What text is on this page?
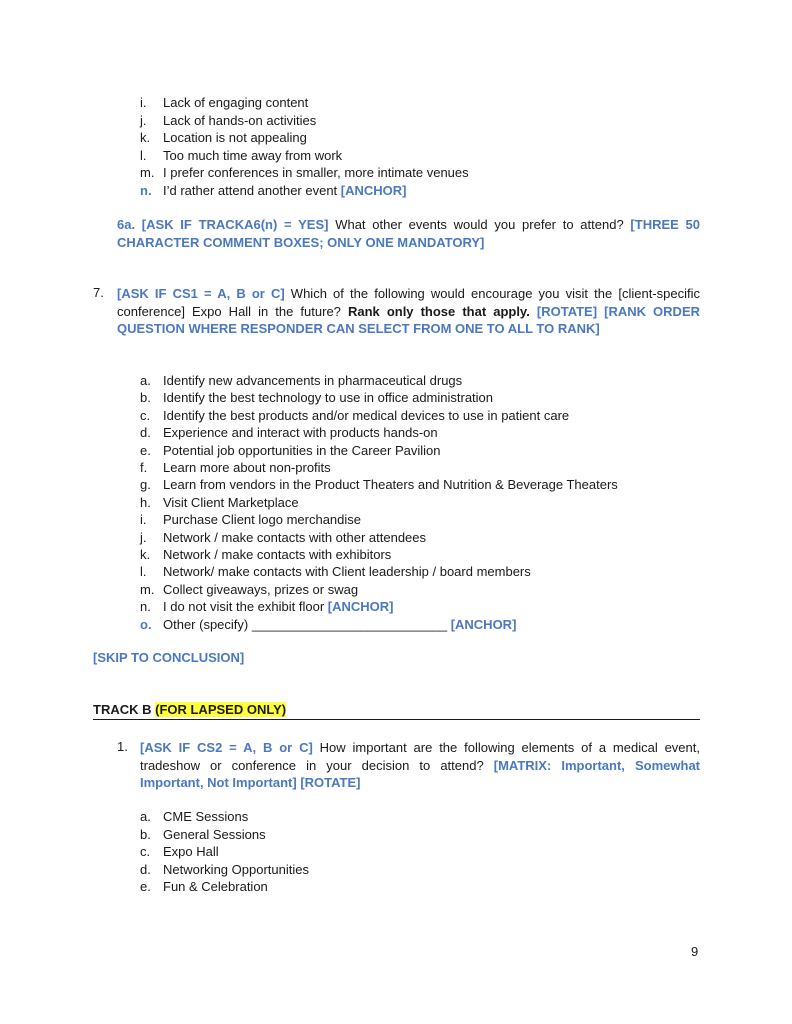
i.	Lack of engaging content
j.	Lack of hands-on activities
k. Location is not appealing
l.	Too much time away from work
m. I prefer conferences in smaller, more intimate venues
n. I’d rather attend another event [ANCHOR]
6a. [ASK IF TRACKA6(n) = YES] What other events would you prefer to attend? [THREE 50
CHARACTER COMMENT BOXES; ONLY ONE MANDATORY]
7. [ASK IF CS1 = A, B or C] Which of the following would encourage you visit the [client-specific
conference] Expo Hall in the future? Rank only those that apply. [ROTATE] [RANK ORDER
QUESTION WHERE RESPONDER CAN SELECT FROM ONE TO ALL TO RANK]
a. Identify new advancements in pharmaceutical drugs
b. Identify the best technology to use in office administration
c. Identify the best products and/or medical devices to use in patient care
d. Experience and interact with products hands-on
e. Potential job opportunities in the Career Pavilion
f.	Learn more about non-profits
g. Learn from vendors in the Product Theaters and Nutrition & Beverage Theaters
h. Visit Client Marketplace
i.	Purchase Client logo merchandise
j.	Network / make contacts with other attendees
k. Network / make contacts with exhibitors
l.	Network/ make contacts with Client leadership / board members
m. Collect giveaways, prizes or swag
n. I do not visit the exhibit floor [ANCHOR]
o. Other (specify) ___________________________ [ANCHOR]
[SKIP TO CONCLUSION]
TRACK B (FOR LAPSED ONLY)
1. [ASK IF CS2 = A, B or C] How important are the following elements of a medical event,
tradeshow or conference in your decision to attend? [MATRIX: Important, Somewhat
Important, Not Important] [ROTATE]
a. CME Sessions
b. General Sessions
c. Expo Hall
d. Networking Opportunities
e. Fun & Celebration
9
